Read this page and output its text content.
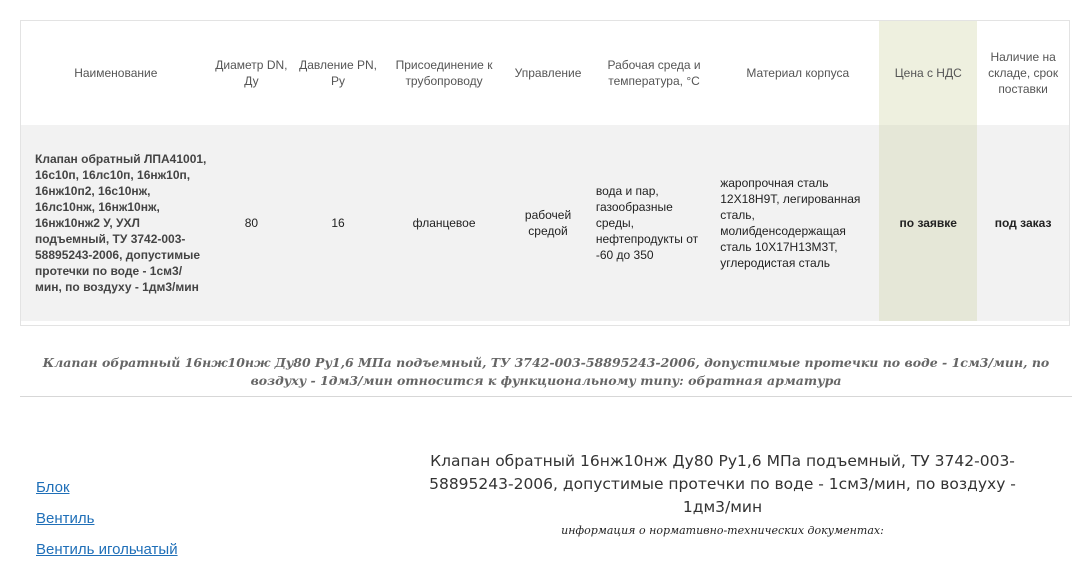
Наименование	Диаметр DN, Ду	Давление PN, Ру	Присоединение к трубопроводу	Управление	Рабочая среда и температура, °С	Материал корпуса	Цена с НДС	Наличие на складе, срок поставки
Клапан обратный ЛПА41001, 16с10п, 16лс10п, 16нж10п, 16нж10п2, 16с10нж, 16лс10нж, 16нж10нж, 16нж10нж2 У, УХЛ подъемный, ТУ 3742-003-58895243-2006, допустимые протечки по воде - 1см3/мин, по воздуху - 1дм3/мин	80	16	фланцевое	рабочей средой	вода и пар, газообразные среды, нефтепродукты от -60 до 350	жаропрочная сталь 12Х18Н9Т, легированная сталь, молибденсодержащая сталь 10Х17Н13М3Т, углеродистая сталь	по заявке	под заказ
Клапан обратный 16нж10нж Ду80 Ру1,6 МПа подъемный, ТУ 3742-003-58895243-2006, допустимые протечки по воде - 1см3/мин, по воздуху - 1дм3/мин относится к функциональному типу: обратная арматура
Блок
Вентиль
Вентиль игольчатый
Клапан обратный 16нж10нж Ду80 Ру1,6 МПа подъемный, ТУ 3742-003-58895243-2006, допустимые протечки по воде - 1см3/мин, по воздуху - 1дм3/мин
информация о нормативно-технических документах:
